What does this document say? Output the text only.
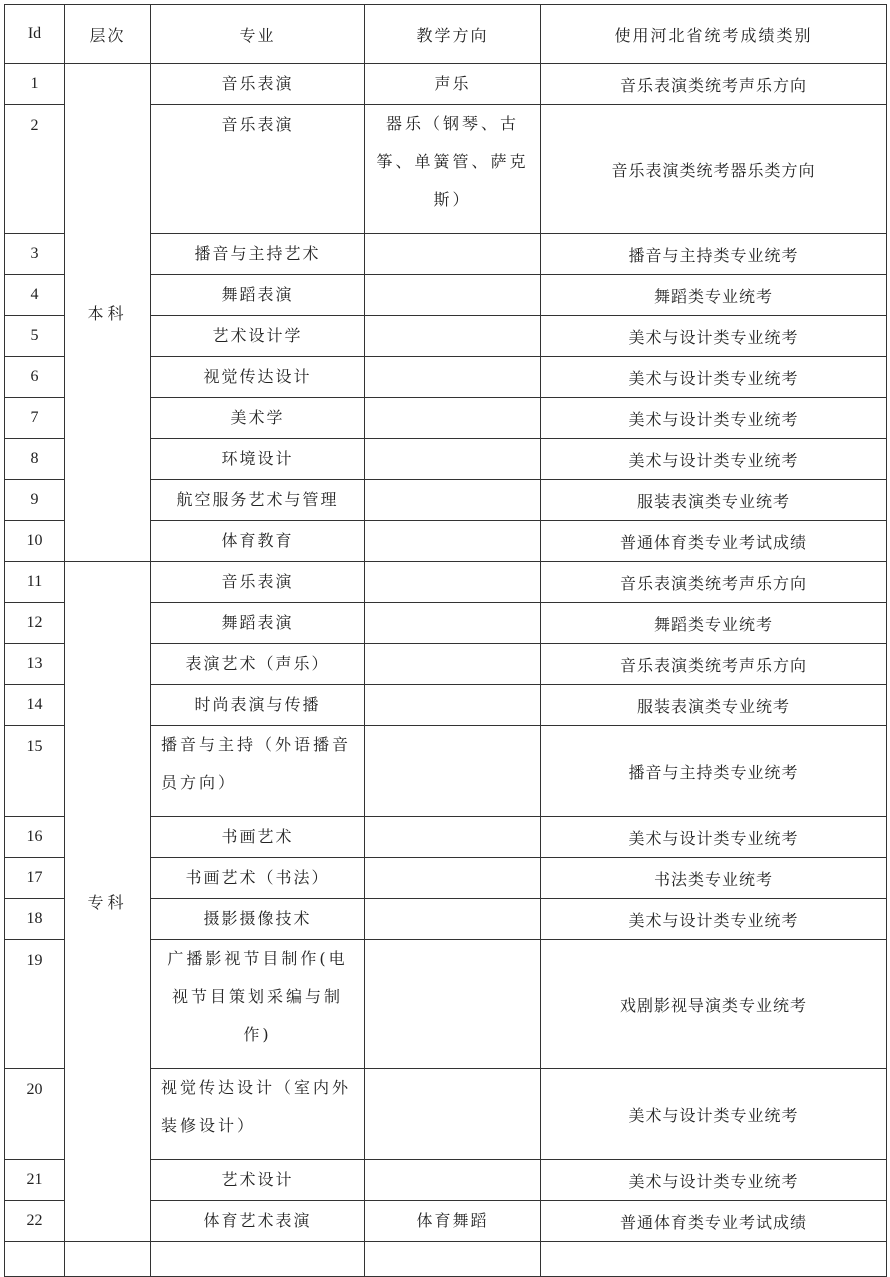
Id	层次	专业	教学方向	使用河北省统考成绩类别
1	本科	音乐表演	声乐	音乐表演类统考声乐方向
2		音乐表演	器乐（钢琴、古筝、单簧管、萨克斯）	音乐表演类统考器乐类方向
3		播音与主持艺术		播音与主持类专业统考
4		舞蹈表演		舞蹈类专业统考
5		艺术设计学		美术与设计类专业统考
6		视觉传达设计		美术与设计类专业统考
7		美术学		美术与设计类专业统考
8		环境设计		美术与设计类专业统考
9		航空服务艺术与管理		服装表演类专业统考
10		体育教育		普通体育类专业考试成绩
11	专科	音乐表演		音乐表演类统考声乐方向
12		舞蹈表演		舞蹈类专业统考
13		表演艺术（声乐）		音乐表演类统考声乐方向
14		时尚表演与传播		服装表演类专业统考
15		播音与主持（外语播音员方向）		播音与主持类专业统考
16		书画艺术		美术与设计类专业统考
17		书画艺术（书法）		书法类专业统考
18		摄影摄像技术		美术与设计类专业统考
19		广播影视节目制作(电视节目策划采编与制作)		戏剧影视导演类专业统考
20		视觉传达设计（室内外装修设计）		美术与设计类专业统考
21		艺术设计		美术与设计类专业统考
22		体育艺术表演	体育舞蹈	普通体育类专业考试成绩
